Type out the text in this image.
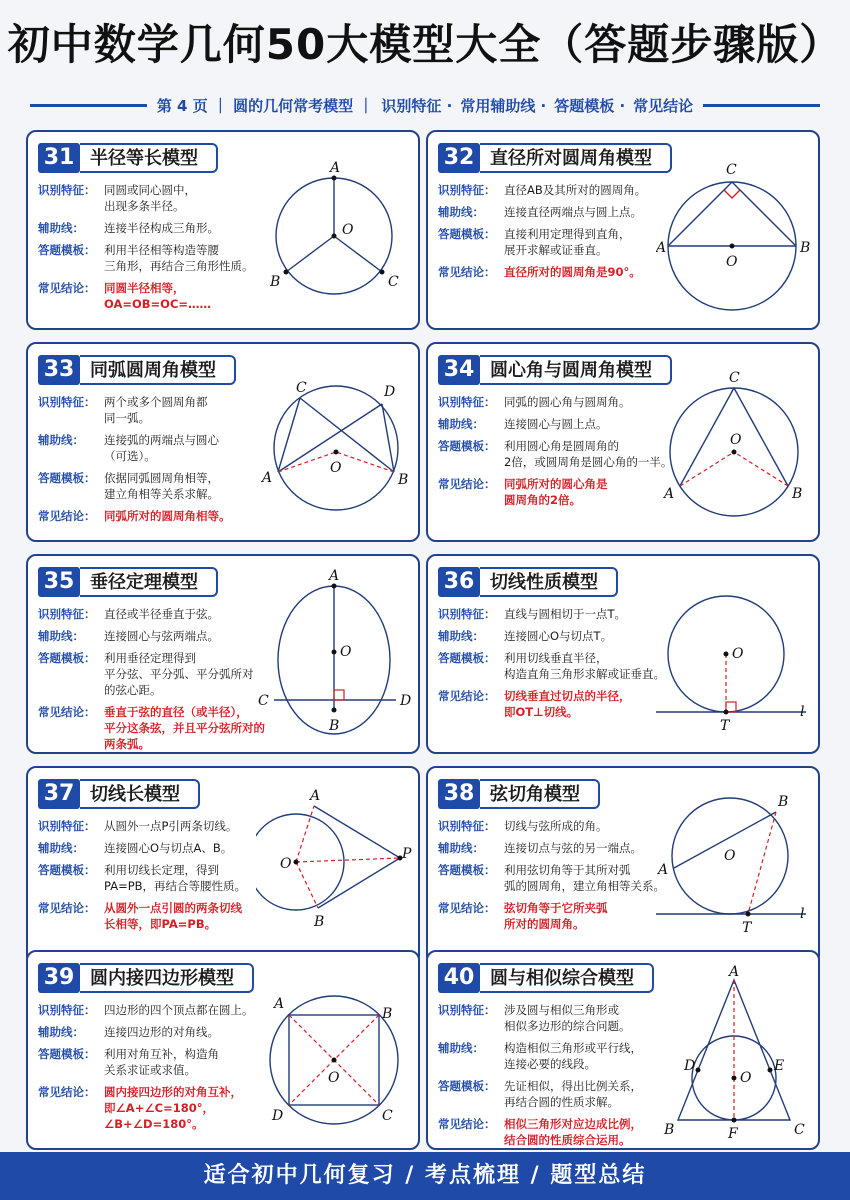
初中数学几何50大模型大全（答题步骤版）
第 4 页 ｜ 圆的几何常考模型 ｜ 识别特征 · 常用辅助线 · 答题模板 · 常见结论
31 半径等长模型
识别特征： 同圆或同心圆中，
出现多条半径。
辅助线：	连接半径构成三角形。
答题模板： 利用半径相等构造等腰
三角形，再结合三角形性质。
常见结论： 同圆半径相等，
OA=OB=OC=……
A
O
B	C
32 直径所对圆周角模型
识别特征： 直径AB及其所对的圆周角。
辅助线：	连接直径两端点与圆上点。
答题模板： 直接利用定理得到直角，
展开求解或证垂直。
常见结论： 直径所对的圆周角是90°。
C
A	B
O
33 同弧圆周角模型
识别特征： 两个或多个圆周角都
同一弧。
辅助线：	连接弧的两端点与圆心
（可选）。
答题模板： 依据同弧圆周角相等，
建立角相等关系求解。
常见结论： 同弧所对的圆周角相等。
C	D
A	B
O
34 圆心角与圆周角模型
识别特征： 同弧的圆心角与圆周角。
辅助线：	连接圆心与圆上点。
答题模板： 利用圆心角是圆周角的
2倍，或圆周角是圆心角的一半。
常见结论： 同弧所对的圆心角是
圆周角的2倍。
C
A	B
O
35 垂径定理模型
识别特征： 直径或半径垂直于弦。
辅助线：	连接圆心与弦两端点。
答题模板： 利用垂径定理得到
平分弦、平分弧、平分弧所对
的弦心距。
常见结论： 垂直于弦的直径（或半径），
平分这条弦，并且平分弦所对的
两条弧。
A
O
C	D
B
36 切线性质模型
识别特征： 直线与圆相切于一点T。
辅助线：	连接圆心O与切点T。
答题模板： 利用切线垂直半径，
构造直角三角形求解或证垂直。
常见结论： 切线垂直过切点的半径，
即OT⊥切线。
O
T
l
37 切线长模型
识别特征： 从圆外一点P引两条切线。
辅助线：	连接圆心O与切点A、B。
答题模板： 利用切线长定理，得到
PA=PB，再结合等腰性质。
常见结论： 从圆外一点引圆的两条切线
长相等，即PA=PB。
A
O
P
B
38 弦切角模型
识别特征： 切线与弦所成的角。
辅助线：	连接切点与弦的另一端点。
答题模板： 利用弦切角等于其所对弧
弧的圆周角，建立角相等关系。
常见结论： 弦切角等于它所夹弧
所对的圆周角。
B
A
O
T
l
39 圆内接四边形模型
识别特征： 四边形的四个顶点都在圆上。
辅助线：	连接四边形的对角线。
答题模板： 利用对角互补，构造角
关系求证或求值。
常见结论： 圆内接四边形的对角互补，
即∠A+∠C=180°，∠B+∠D=180°。
A
B
C
D
O
40 圆与相似综合模型
识别特征： 涉及圆与相似三角形或
相似多边形的综合问题。
辅助线：	构造相似三角形或平行线，
连接必要的线段。
答题模板： 先证相似，得出比例关系，
再结合圆的性质求解。
常见结论： 相似三角形对应边成比例，
结合圆的性质综合运用。
A
D	E
O
B	C
F
适合初中几何复习 / 考点梳理 / 题型总结
